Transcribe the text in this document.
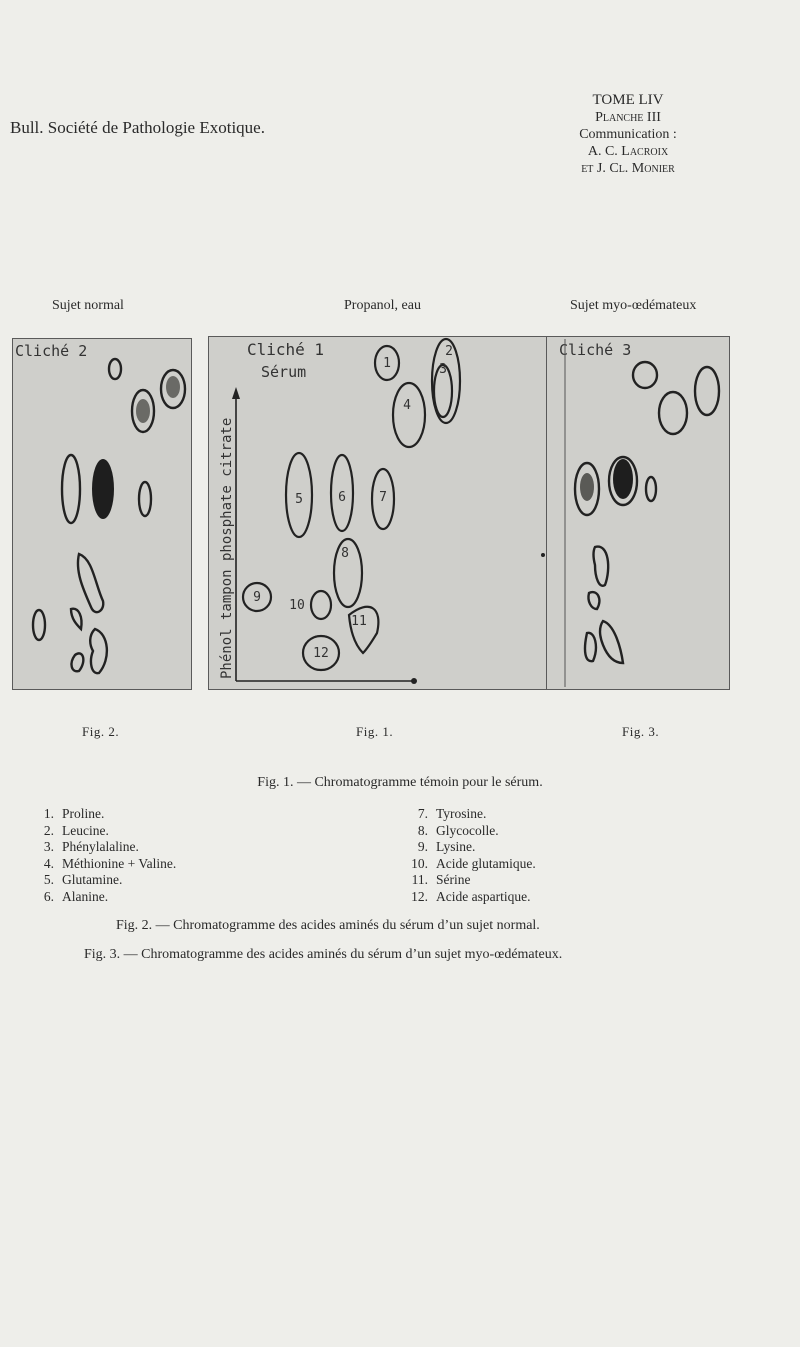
Bull. Société de Pathologie Exotique.
TOME LIV
Planche III
Communication :
A. C. Lacroix
et J. Cl. Monier
Sujet normal	Propanol, eau	Sujet myo-œdémateux
Cliché 2
Phénol tampon phosphate citrate
Cliché 1
Sérum	1
2
3
4
5	6	7
8
9
10
11
12
Cliché 3
Fig. 2.	Fig. 1.	Fig. 3.
Fig. 1. — Chromatogramme témoin pour le sérum.
1. Proline.
2. Leucine.
3. Phénylalaline.
4. Méthionine + Valine.
5. Glutamine.
6. Alanine.
7. Tyrosine.
8. Glycocolle.
9. Lysine.
10. Acide glutamique.
11. Sérine
12. Acide aspartique.
Fig. 2. — Chromatogramme des acides aminés du sérum d’un sujet normal.
Fig. 3. — Chromatogramme des acides aminés du sérum d’un sujet myo-œdémateux.
